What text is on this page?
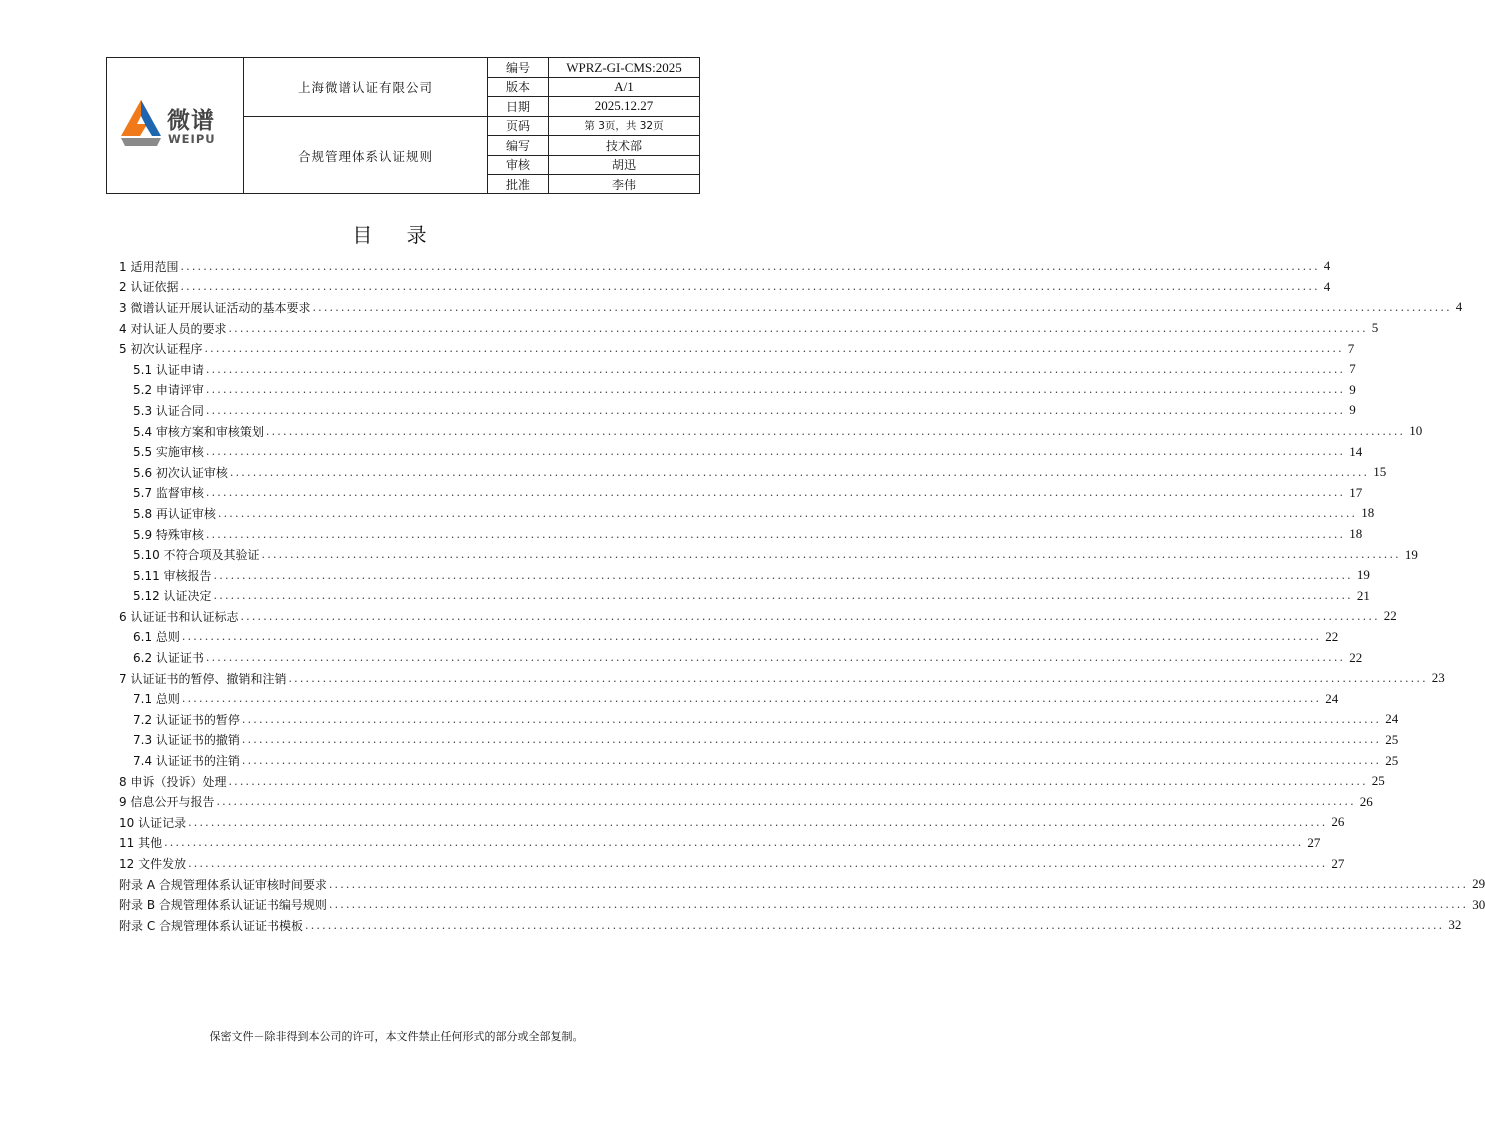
微谱
WEIPU
上海微谱认证有限公司
合规管理体系认证规则
编号
版本
日期
页码
编写
审核
批准
WPRZ-GI-CMS:2025
A/1
2025.12.27
第 3页，共 32页
技术部
胡迅
李伟
目 录
1 适用范围 ........................................................................................................................................................................................................ 4
2 认证依据 ........................................................................................................................................................................................................ 4
3 微谱认证开展认证活动的基本要求 ........................................................................................................................................................................................................ 4
4 对认证人员的要求 ........................................................................................................................................................................................................ 5
5 初次认证程序 ........................................................................................................................................................................................................ 7
5.1 认证申请 ........................................................................................................................................................................................................ 7
5.2 申请评审 ........................................................................................................................................................................................................ 9
5.3 认证合同 ........................................................................................................................................................................................................ 9
5.4 审核方案和审核策划 ........................................................................................................................................................................................................ 10
5.5 实施审核 ........................................................................................................................................................................................................ 14
5.6 初次认证审核 ........................................................................................................................................................................................................ 15
5.7 监督审核 ........................................................................................................................................................................................................ 17
5.8 再认证审核 ........................................................................................................................................................................................................ 18
5.9 特殊审核 ........................................................................................................................................................................................................ 18
5.10 不符合项及其验证 ........................................................................................................................................................................................................ 19
5.11 审核报告 ........................................................................................................................................................................................................ 19
5.12 认证决定 ........................................................................................................................................................................................................ 21
6 认证证书和认证标志 ........................................................................................................................................................................................................ 22
6.1 总则 ........................................................................................................................................................................................................ 22
6.2 认证证书 ........................................................................................................................................................................................................ 22
7 认证证书的暂停、撤销和注销 ........................................................................................................................................................................................................ 23
7.1 总则 ........................................................................................................................................................................................................ 24
7.2 认证证书的暂停 ........................................................................................................................................................................................................ 24
7.3 认证证书的撤销 ........................................................................................................................................................................................................ 25
7.4 认证证书的注销 ........................................................................................................................................................................................................ 25
8 申诉（投诉）处理 ........................................................................................................................................................................................................ 25
9 信息公开与报告 ........................................................................................................................................................................................................ 26
10 认证记录 ........................................................................................................................................................................................................ 26
11 其他 ........................................................................................................................................................................................................ 27
12 文件发放 ........................................................................................................................................................................................................ 27
附录 A 合规管理体系认证审核时间要求 ........................................................................................................................................................................................................ 29
附录 B 合规管理体系认证证书编号规则 ........................................................................................................................................................................................................ 30
附录 C 合规管理体系认证证书模板 ........................................................................................................................................................................................................ 32
保密文件－除非得到本公司的许可，本文件禁止任何形式的部分或全部复制。
